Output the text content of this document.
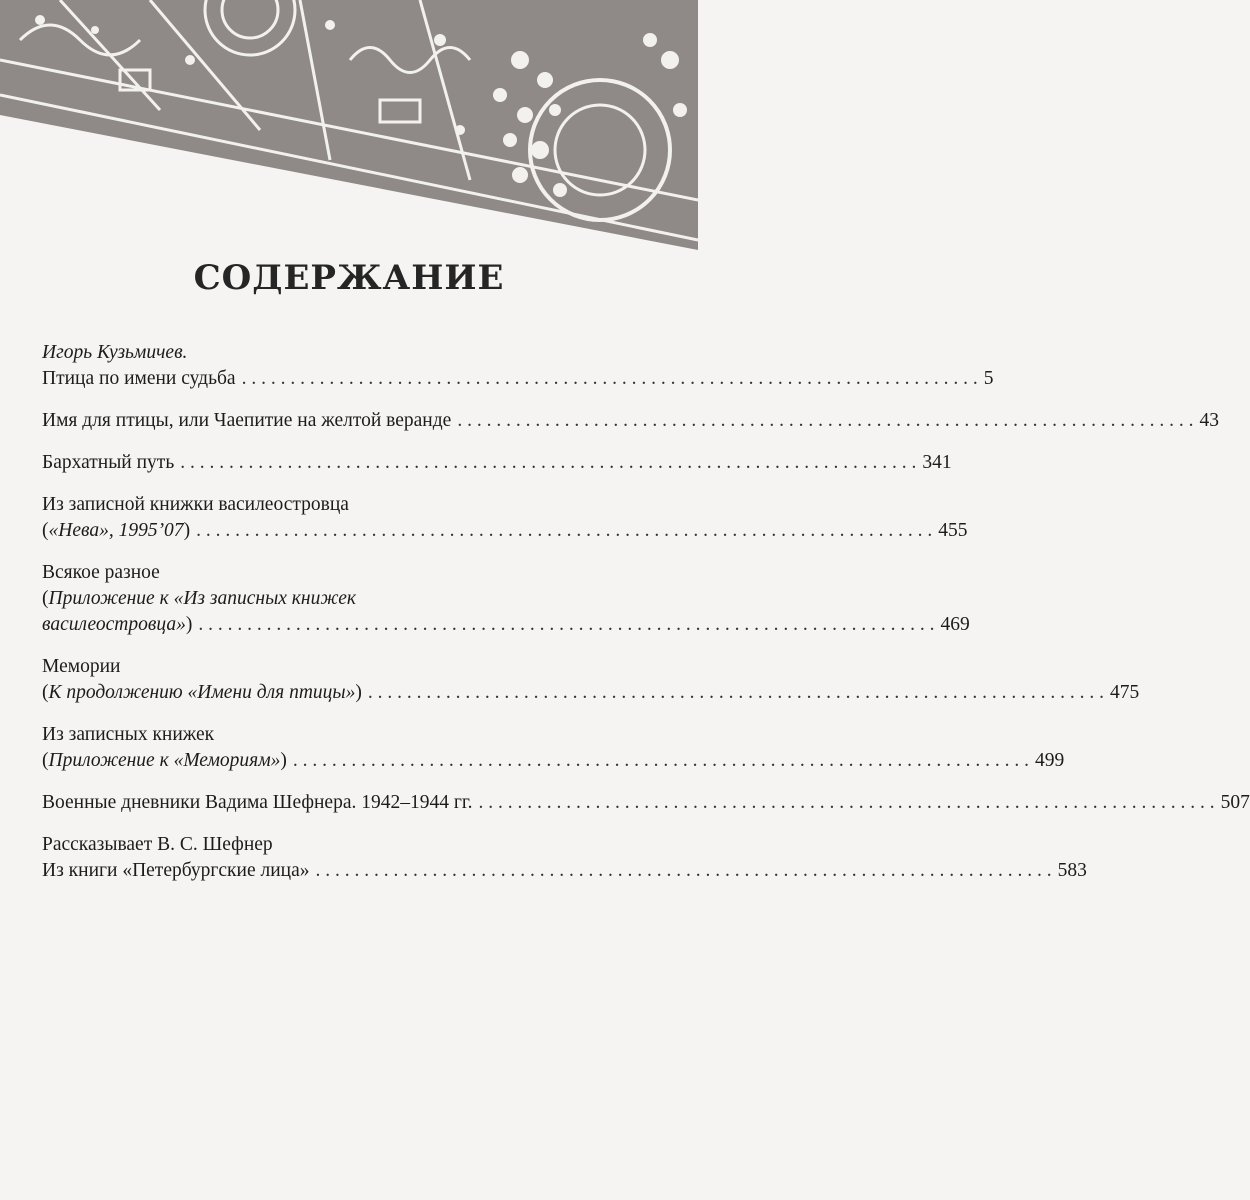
СОДЕРЖАНИЕ
Игорь Кузьмичев.
Птица по имени судьба . . .	5
Имя для птицы, или Чаепитие на желтой веранде . . .	43
Бархатный путь . . .	341
Из записной книжки василеостровца
(«Нева», 1995’07) . . .	455
Всякое разное
(Приложение к «Из записных книжек
василеостровца») . . .	469
Мемории
(К продолжению «Имени для птицы») . . .	475
Из записных книжек
(Приложение к «Мемориям») . . .	499
Военные дневники Вадима Шефнера. 1942–1944 гг. . . .	507
Рассказывает В. С. Шефнер
Из книги «Петербургские лица» . . .	583
